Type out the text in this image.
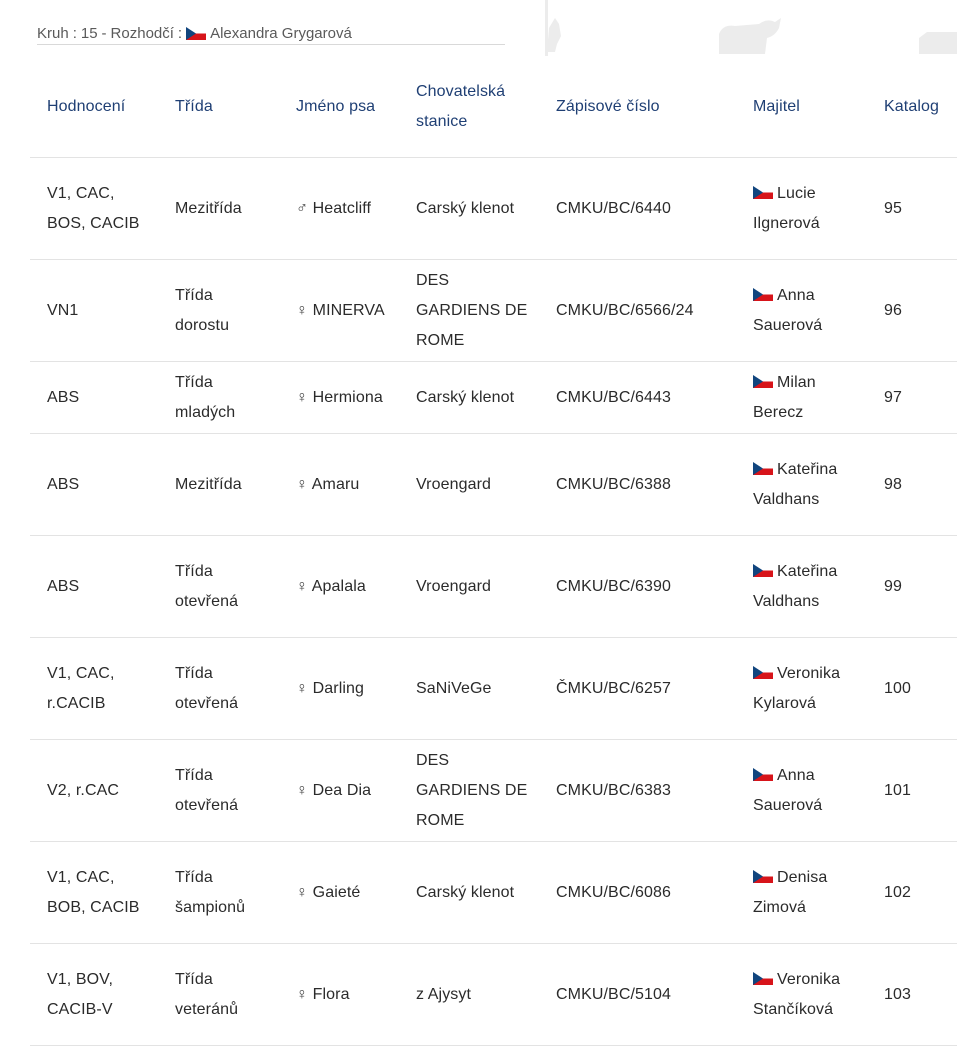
Kruh : 15 - Rozhodčí : Alexandra Grygarová
Hodnocení	Třída	Jméno psa	Chovatelská stanice	Zápisové číslo	Majitel	Katalog
V1, CAC, BOS, CACIB	Mezitřída	♂ Heatcliff	Carský klenot	CMKU/BC/6440	Lucie Ilgnerová	95
VN1	Třída dorostu	♀ MINERVA	DES GARDIENS DE ROME	CMKU/BC/6566/24	Anna Sauerová	96
ABS	Třída mladých	♀ Hermiona	Carský klenot	CMKU/BC/6443	Milan Berecz	97
ABS	Mezitřída	♀ Amaru	Vroengard	CMKU/BC/6388	Kateřina Valdhans	98
ABS	Třída otevřená	♀ Apalala	Vroengard	CMKU/BC/6390	Kateřina Valdhans	99
V1, CAC, r.CACIB	Třída otevřená	♀ Darling	SaNiVeGe	ČMKU/BC/6257	Veronika Kylarová	100
V2, r.CAC	Třída otevřená	♀ Dea Dia	DES GARDIENS DE ROME	CMKU/BC/6383	Anna Sauerová	101
V1, CAC, BOB, CACIB	Třída šampionů	♀ Gaieté	Carský klenot	CMKU/BC/6086	Denisa Zimová	102
V1, BOV, CACIB-V	Třída veteránů	♀ Flora	z Ajysyt	CMKU/BC/5104	Veronika Stančíková	103
